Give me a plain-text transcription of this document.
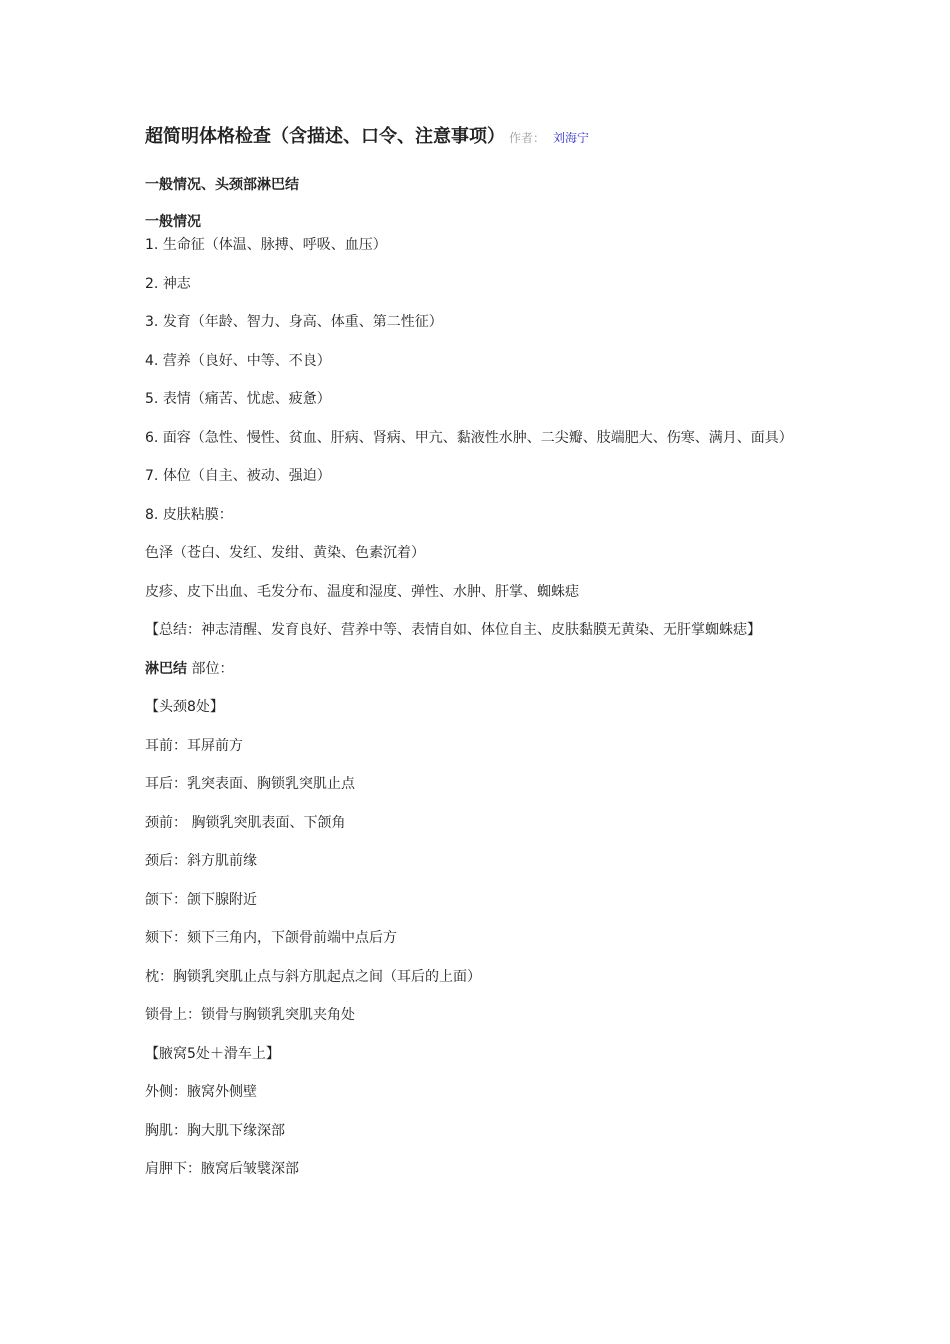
超简明体格检查（含描述、口令、注意事项） 作者： 刘海宁
一般情况、头颈部淋巴结
一般情况

1. 生命征（体温、脉搏、呼吸、血压）

2. 神志

3. 发育（年龄、智力、身高、体重、第二性征）

4. 营养（良好、中等、不良）

5. 表情（痛苦、忧虑、疲惫）

6. 面容（急性、慢性、贫血、肝病、肾病、甲亢、黏液性水肿、二尖瓣、肢端肥大、伤寒、满月、面具）

7. 体位（自主、被动、强迫）

8. 皮肤粘膜：

色泽（苍白、发红、发绀、黄染、色素沉着）

皮疹、皮下出血、毛发分布、温度和湿度、弹性、水肿、肝掌、蜘蛛痣

【总结：神志清醒、发育良好、营养中等、表情自如、体位自主、皮肤黏膜无黄染、无肝掌蜘蛛痣】

淋巴结 部位：

【头颈8处】

耳前：耳屏前方

耳后：乳突表面、胸锁乳突肌止点

颈前： 胸锁乳突肌表面、下颌角

颈后：斜方肌前缘

颌下：颌下腺附近

颏下：颏下三角内，下颌骨前端中点后方

枕：胸锁乳突肌止点与斜方肌起点之间（耳后的上面）

锁骨上：锁骨与胸锁乳突肌夹角处

【腋窝5处＋滑车上】

外侧：腋窝外侧壁

胸肌：胸大肌下缘深部

肩胛下：腋窝后皱襞深部
